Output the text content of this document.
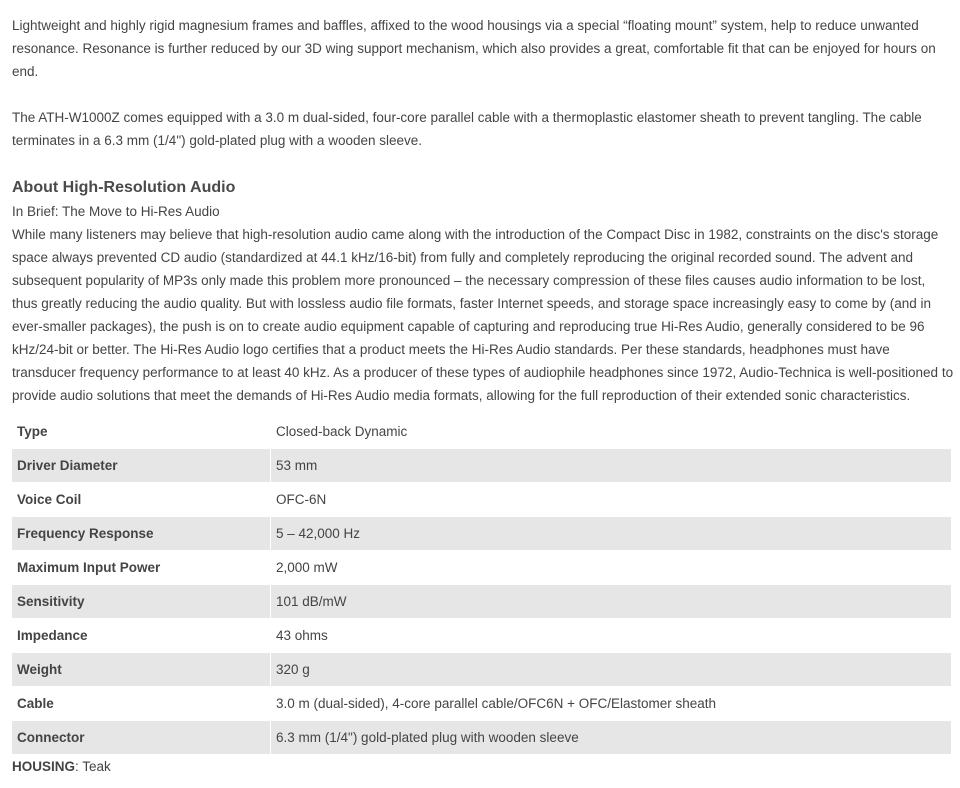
Lightweight and highly rigid magnesium frames and baffles, affixed to the wood housings via a special “floating mount” system, help to reduce unwanted resonance. Resonance is further reduced by our 3D wing support mechanism, which also provides a great, comfortable fit that can be enjoyed for hours on end.

The ATH-W1000Z comes equipped with a 3.0 m dual-sided, four-core parallel cable with a thermoplastic elastomer sheath to prevent tangling. The cable terminates in a 6.3 mm (1/4") gold-plated plug with a wooden sleeve.

About High-Resolution Audio
In Brief: The Move to Hi-Res Audio

While many listeners may believe that high-resolution audio came along with the introduction of the Compact Disc in 1982, constraints on the disc's storage space always prevented CD audio (standardized at 44.1 kHz/16-bit) from fully and completely reproducing the original recorded sound. The advent and subsequent popularity of MP3s only made this problem more pronounced – the necessary compression of these files causes audio information to be lost, thus greatly reducing the audio quality. But with lossless audio file formats, faster Internet speeds, and storage space increasingly easy to come by (and in ever-smaller packages), the push is on to create audio equipment capable of capturing and reproducing true Hi-Res Audio, generally considered to be 96 kHz/24-bit or better. The Hi-Res Audio logo certifies that a product meets the Hi-Res Audio standards. Per these standards, headphones must have transducer frequency performance to at least 40 kHz. As a producer of these types of audiophile headphones since 1972, Audio-Technica is well-positioned to provide audio solutions that meet the demands of Hi-Res Audio media formats, allowing for the full reproduction of their extended sonic characteristics.

Type	Closed-back Dynamic
Driver Diameter	53 mm
Voice Coil	OFC-6N
Frequency Response	5 – 42,000 Hz
Maximum Input Power	2,000 mW
Sensitivity	101 dB/mW
Impedance	43 ohms
Weight	320 g
Cable	3.0 m (dual-sided), 4-core parallel cable/OFC6N + OFC/Elastomer sheath
Connector	6.3 mm (1/4") gold-plated plug with wooden sleeve
HOUSING: Teak
